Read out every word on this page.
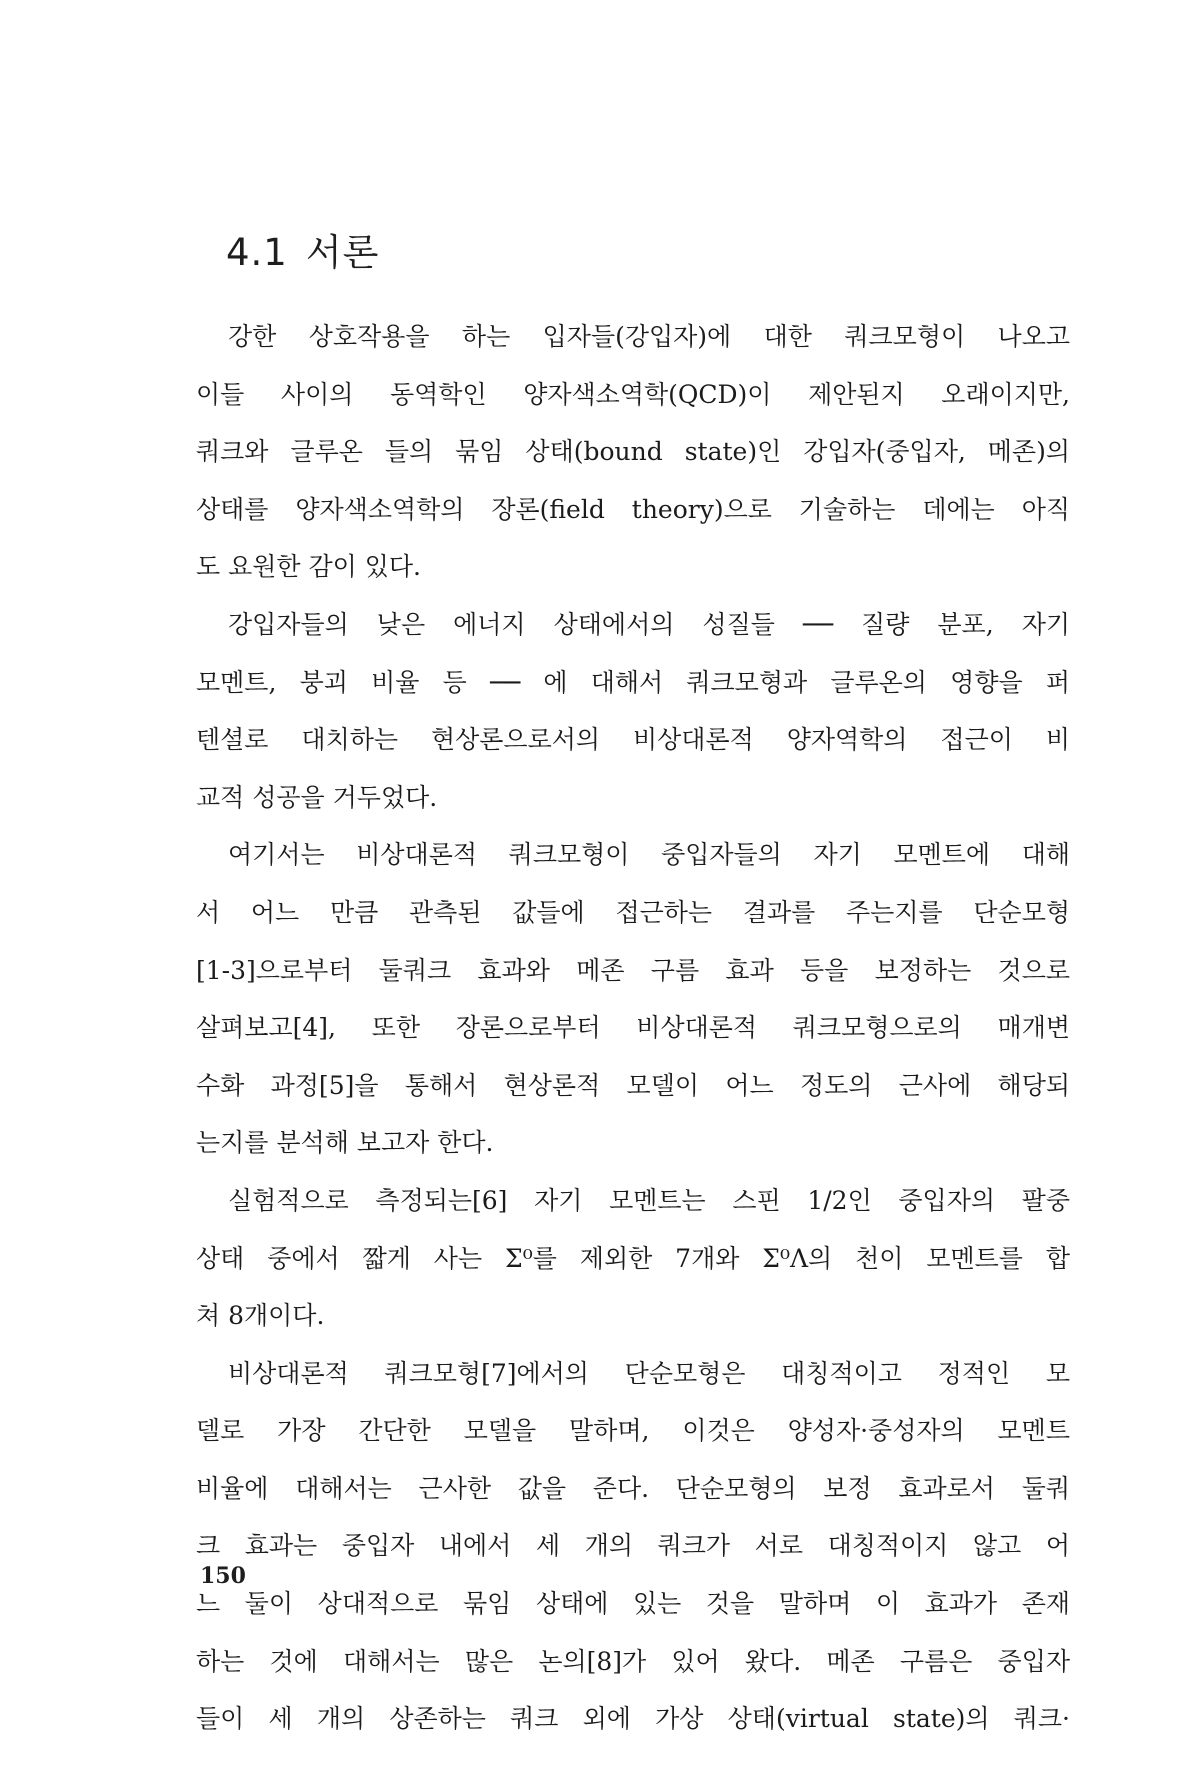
4.1 서론
강한 상호작용을 하는 입자들(강입자)에 대한 쿼크모형이 나오고
이들 사이의 동역학인 양자색소역학(QCD)이 제안된지 오래이지만,
쿼크와 글루온 들의 묶임 상태(bound state)인 강입자(중입자, 메존)의
상태를 양자색소역학의 장론(field theory)으로 기술하는 데에는 아직
도 요원한 감이 있다.
강입자들의 낮은 에너지 상태에서의 성질들 ── 질량 분포, 자기
모멘트, 붕괴 비율 등 ── 에 대해서 쿼크모형과 글루온의 영향을 퍼
텐셜로 대치하는 현상론으로서의 비상대론적 양자역학의 접근이 비
교적 성공을 거두었다.
여기서는 비상대론적 쿼크모형이 중입자들의 자기 모멘트에 대해
서 어느 만큼 관측된 값들에 접근하는 결과를 주는지를 단순모형
[1-3]으로부터 둘쿼크 효과와 메존 구름 효과 등을 보정하는 것으로
살펴보고[4], 또한 장론으로부터 비상대론적 쿼크모형으로의 매개변
수화 과정[5]을 통해서 현상론적 모델이 어느 정도의 근사에 해당되
는지를 분석해 보고자 한다.
실험적으로 측정되는[6] 자기 모멘트는 스핀 1/2인 중입자의 팔중
상태 중에서 짧게 사는 Σ⁰를 제외한 7개와 Σ⁰Λ의 천이 모멘트를 합
쳐 8개이다.
비상대론적 쿼크모형[7]에서의 단순모형은 대칭적이고 정적인 모
델로 가장 간단한 모델을 말하며, 이것은 양성자·중성자의 모멘트
비율에 대해서는 근사한 값을 준다. 단순모형의 보정 효과로서 둘쿼
크 효과는 중입자 내에서 세 개의 쿼크가 서로 대칭적이지 않고 어
느 둘이 상대적으로 묶임 상태에 있는 것을 말하며 이 효과가 존재
하는 것에 대해서는 많은 논의[8]가 있어 왔다. 메존 구름은 중입자
들이 세 개의 상존하는 쿼크 외에 가상 상태(virtual state)의 쿼크·
150
